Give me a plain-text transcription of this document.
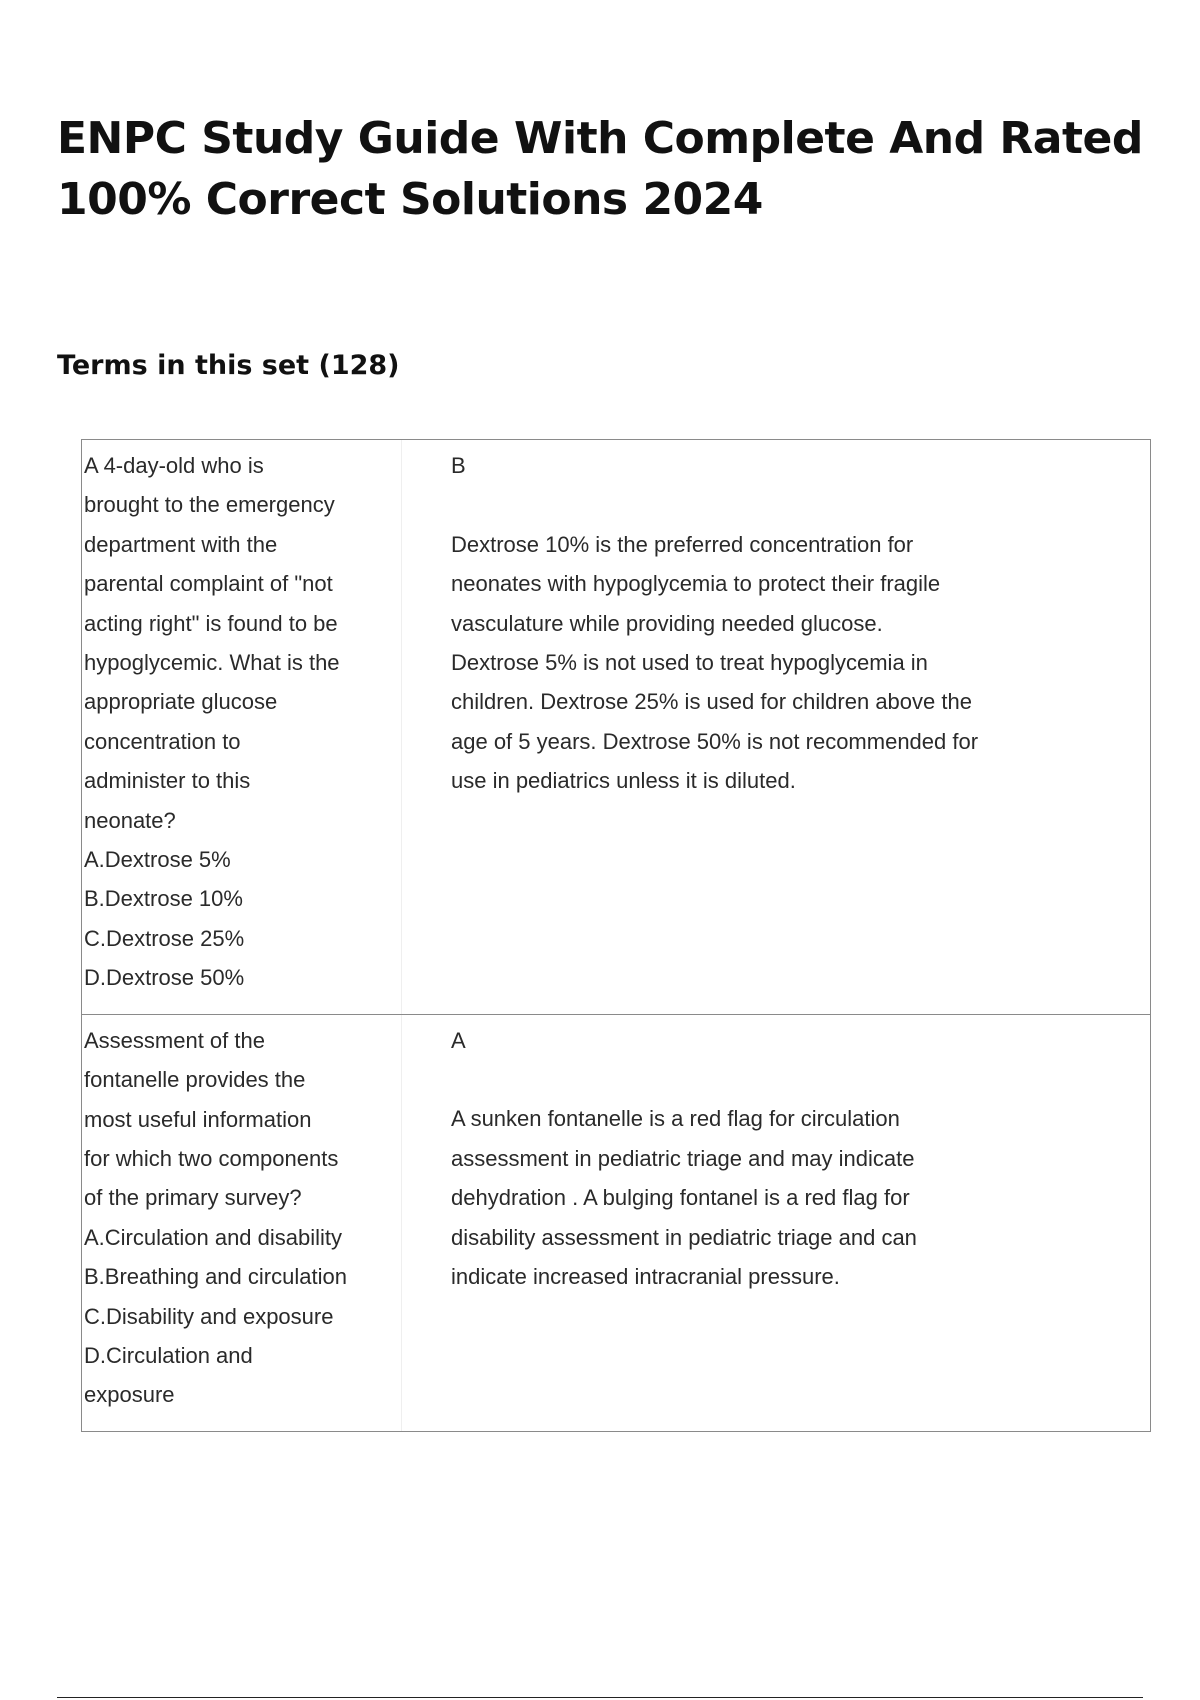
ENPC Study Guide With Complete And Rated
100% Correct Solutions 2024
Terms in this set (128)
A 4-day-old who is
brought to the emergency
department with the
parental complaint of "not
acting right" is found to be
hypoglycemic. What is the
appropriate glucose
concentration to
administer to this
neonate?
A.Dextrose 5%
B.Dextrose 10%
C.Dextrose 25%
D.Dextrose 50%
B
Dextrose 10% is the preferred concentration for
neonates with hypoglycemia to protect their fragile
vasculature while providing needed glucose.
Dextrose 5% is not used to treat hypoglycemia in
children. Dextrose 25% is used for children above the
age of 5 years. Dextrose 50% is not recommended for
use in pediatrics unless it is diluted.
Assessment of the
fontanelle provides the
most useful information
for which two components
of the primary survey?
A.Circulation and disability
B.Breathing and circulation
C.Disability and exposure
D.Circulation and
exposure
A
A sunken fontanelle is a red flag for circulation
assessment in pediatric triage and may indicate
dehydration . A bulging fontanel is a red flag for
disability assessment in pediatric triage and can
indicate increased intracranial pressure.
